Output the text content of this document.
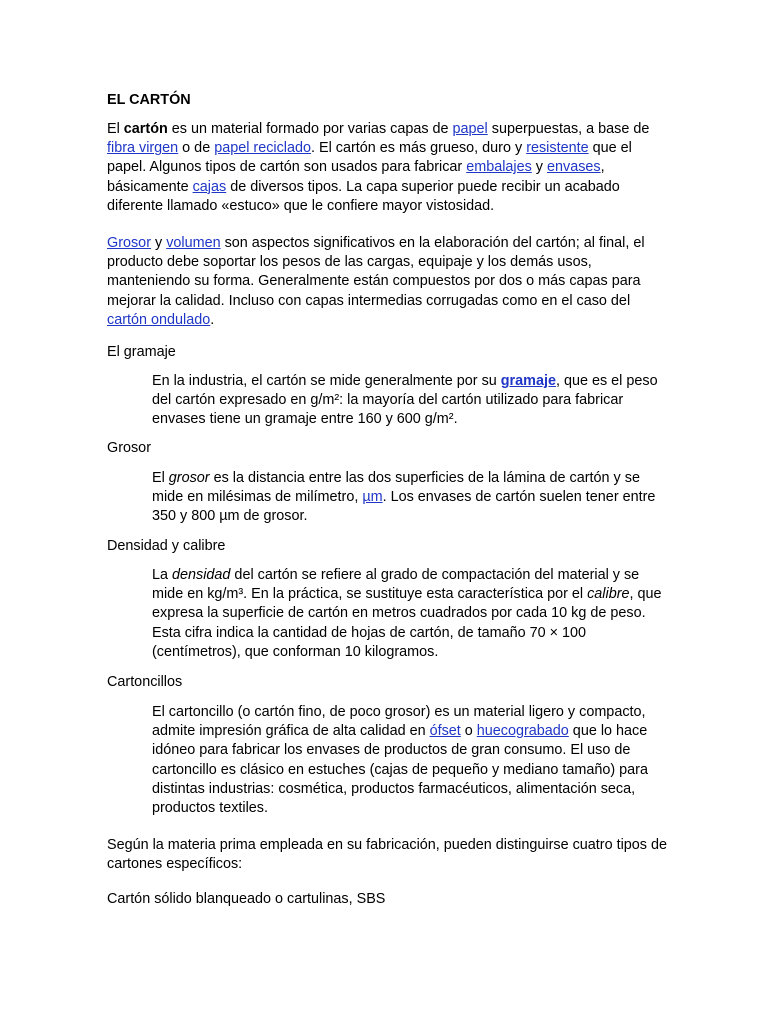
EL CARTÓN

El cartón es un material formado por varias capas de papel superpuestas, a base de fibra virgen o de papel reciclado. El cartón es más grueso, duro y resistente que el papel. Algunos tipos de cartón son usados para fabricar embalajes y envases, básicamente cajas de diversos tipos. La capa superior puede recibir un acabado diferente llamado «estuco» que le confiere mayor vistosidad.

Grosor y volumen son aspectos significativos en la elaboración del cartón; al final, el producto debe soportar los pesos de las cargas, equipaje y los demás usos, manteniendo su forma. Generalmente están compuestos por dos o más capas para mejorar la calidad. Incluso con capas intermedias corrugadas como en el caso del cartón ondulado.

El gramaje

En la industria, el cartón se mide generalmente por su gramaje, que es el peso del cartón expresado en g/m²: la mayoría del cartón utilizado para fabricar envases tiene un gramaje entre 160 y 600 g/m².

Grosor

El grosor es la distancia entre las dos superficies de la lámina de cartón y se mide en milésimas de milímetro, µm. Los envases de cartón suelen tener entre 350 y 800 µm de grosor.

Densidad y calibre

La densidad del cartón se refiere al grado de compactación del material y se mide en kg/m³. En la práctica, se sustituye esta característica por el calibre, que expresa la superficie de cartón en metros cuadrados por cada 10 kg de peso. Esta cifra indica la cantidad de hojas de cartón, de tamaño 70 × 100 (centímetros), que conforman 10 kilogramos.

Cartoncillos

El cartoncillo (o cartón fino, de poco grosor) es un material ligero y compacto, admite impresión gráfica de alta calidad en ófset o huecograbado que lo hace idóneo para fabricar los envases de productos de gran consumo. El uso de cartoncillo es clásico en estuches (cajas de pequeño y mediano tamaño) para distintas industrias: cosmética, productos farmacéuticos, alimentación seca, productos textiles.

Según la materia prima empleada en su fabricación, pueden distinguirse cuatro tipos de cartones específicos:

Cartón sólido blanqueado o cartulinas, SBS
